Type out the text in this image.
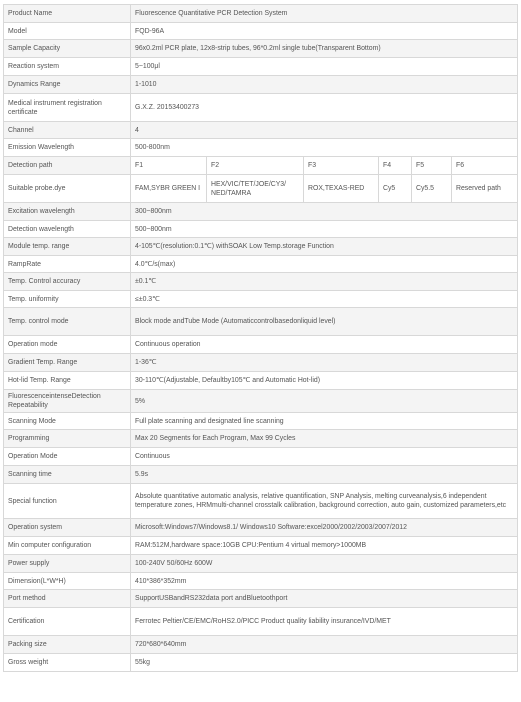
Product Name	Fluorescence Quantitative PCR Detection System					
Model	FQD-96A					
Sample Capacity	96x0.2ml PCR plate, 12x8-strip tubes, 96*0.2ml single tube(Transparent Bottom)					
Reaction system	5~100μl					
Dynamics Range	1-1010					
Medical instrument registration certificate	G.X.Z. 20153400273					
Channel	4					
Emission Wavelength	500-800nm					
Detection path	F1	F2	F3	F4	F5	F6
Suitable probe.dye	FAM,SYBR GREEN I	HEX/VIC/TET/JOE/CY3/ NED/TAMRA	ROX,TEXAS-RED	Cy5	Cy5.5	Reserved path
Excitation wavelength	300~800nm					
Detection wavelength	500~800nm					
Module temp. range	4-105℃(resolution:0.1℃) withSOAK Low Temp.storage Function					
RampRate	4.0℃/s(max)					
Temp. Control accuracy	±0.1℃					
Temp. uniformity	≤±0.3℃					
Temp. control mode	Block mode andTube Mode (Automaticcontrolbasedonliquid level)					
Operation mode	Continuous operation					
Gradient Temp. Range	1-36℃					
Hot-lid Temp. Range	30-110℃(Adjustable, Defaultby105℃ and Automatic Hot-lid)					
FluorescenceintenseDetection Repeatability	5%					
Scanning Mode	Full plate scanning and designated line scanning					
Programming	Max 20 Segments for Each Program, Max 99 Cycles					
Operation Mode	Continuous					
Scanning time	5.9s					
Special function	Absolute quantitative automatic analysis, relative quantification, SNP Analysis, melting curveanalysis,6 independent temperature zones, HRMmulti-channel crosstalk calibration, background correction, auto gain, customized parameters,etc					
Operation system	Microsoft:Windows7/Windows8.1/ Windows10 Software:excel2000/2002/2003/2007/2012					
Min computer configuration	RAM:512M,hardware space:10GB CPU:Pentium 4 virtual memory>1000MB					
Power supply	100-240V 50/60Hz 600W					
Dimension(L*W*H)	410*386*352mm					
Port method	SupportUSBandRS232data port andBluetoothport					
Certification	Ferrotec Peltier/CE/EMC/RoHS2.0/PICC Product quality liability insurance/IVD/MET					
Packing size	720*680*640mm					
Gross weight	55kg					
